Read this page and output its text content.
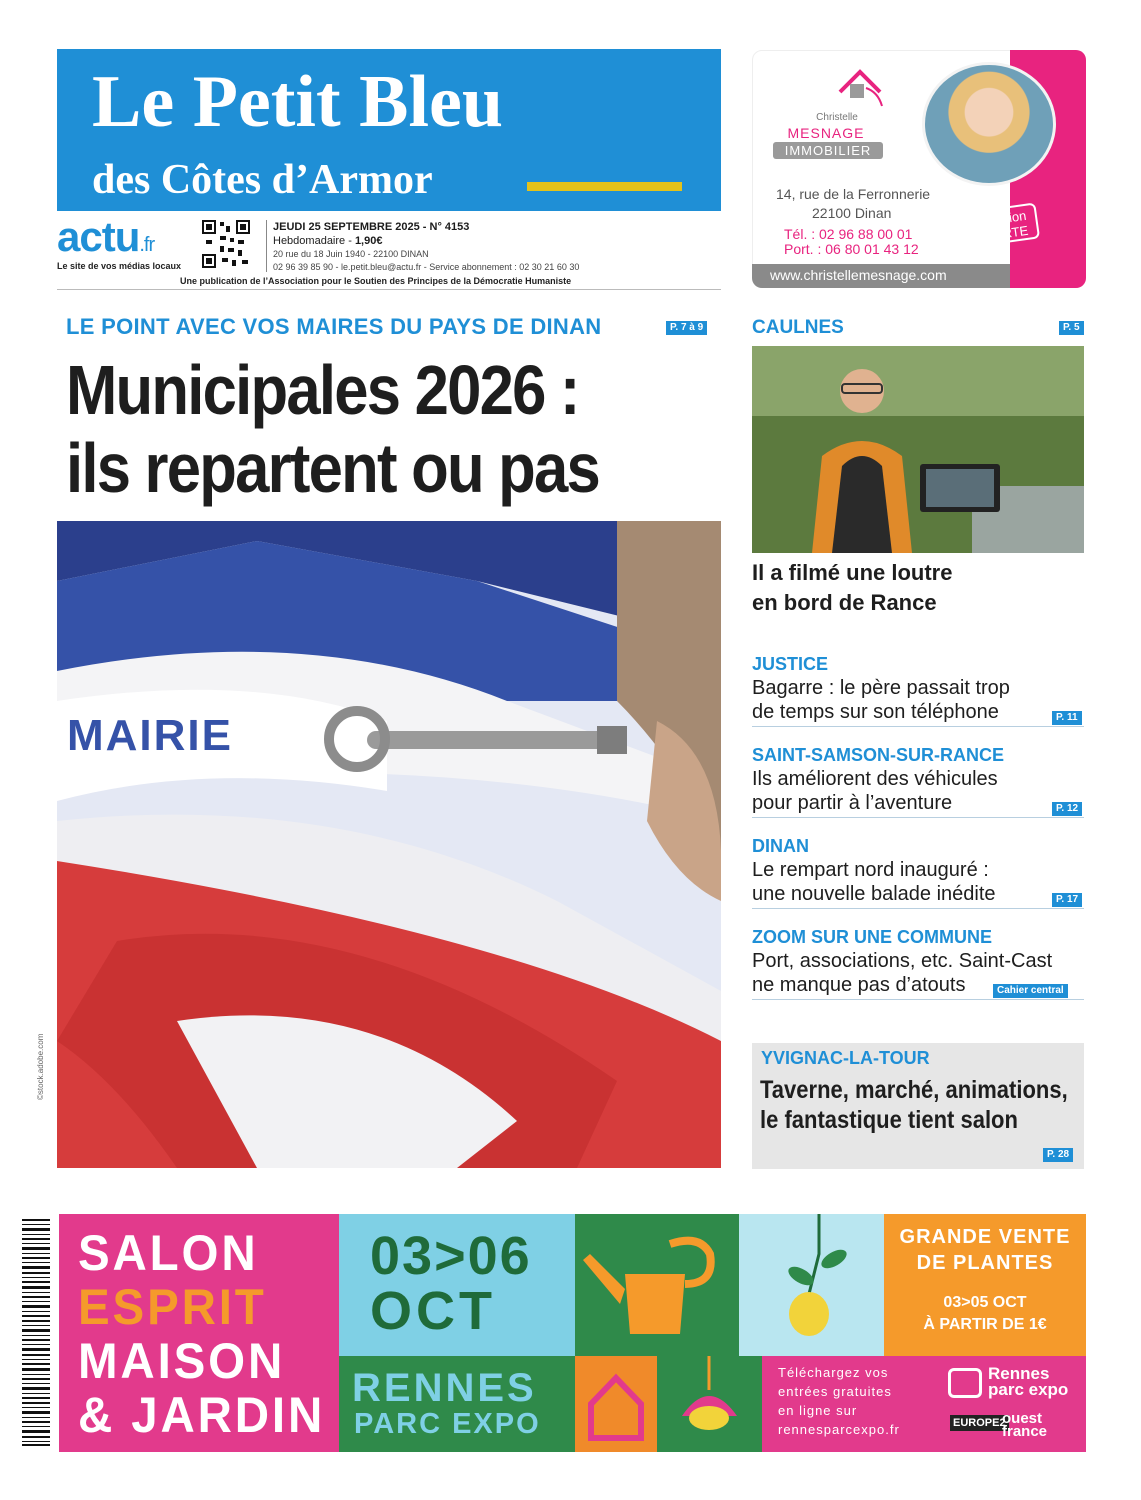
Le Petit Bleu
des Côtes d’Armor
actu.fr
Le site de vos médias locaux
JEUDI 25 SEPTEMBRE 2025 - N° 4153
Hebdomadaire - 1,90€
20 rue du 18 Juin 1940 - 22100 DINAN
02 96 39 85 90 - le.petit.bleu@actu.fr - Service abonnement : 02 30 21 60 30
Une publication de l’Association pour le Soutien des Principes de la Démocratie Humaniste
Christelle
MESNAGE
IMMOBILIER
14, rue de la Ferronnerie
22100 Dinan
Tél. : 02 96 88 00 01
Port. : 06 80 01 43 12
Estimation OFFERTE
www.christellemesnage.com
LE POINT AVEC VOS MAIRES DU PAYS DE DINAN	P. 7 à 9
Municipales 2026 :
ils repartent ou pas
MAIRIE
©stock.adobe.com
CAULNES	P. 5
Il a filmé une loutre
en bord de Rance
JUSTICE
Bagarre : le père passait trop
de temps sur son téléphone	P. 11
SAINT-SAMSON-SUR-RANCE
Ils améliorent des véhicules
pour partir à l’aventure	P. 12
DINAN
Le rempart nord inauguré :
une nouvelle balade inédite	P. 17
ZOOM SUR UNE COMMUNE
Port, associations, etc. Saint-Cast
ne manque pas d’atouts	Cahier central
YVIGNAC-LA-TOUR
Taverne, marché, animations,
le fantastique tient salon
P. 28
SALON
ESPRIT
MAISON
& JARDIN
03>06
OCT
RENNES
PARC EXPO
GRANDE VENTE
DE PLANTES
03>05 OCT
À PARTIR DE 1€
Téléchargez vos
entrées gratuites
en ligne sur
rennesparcexpo.fr
Rennes
parc expo
EUROPE2
ouest
france
